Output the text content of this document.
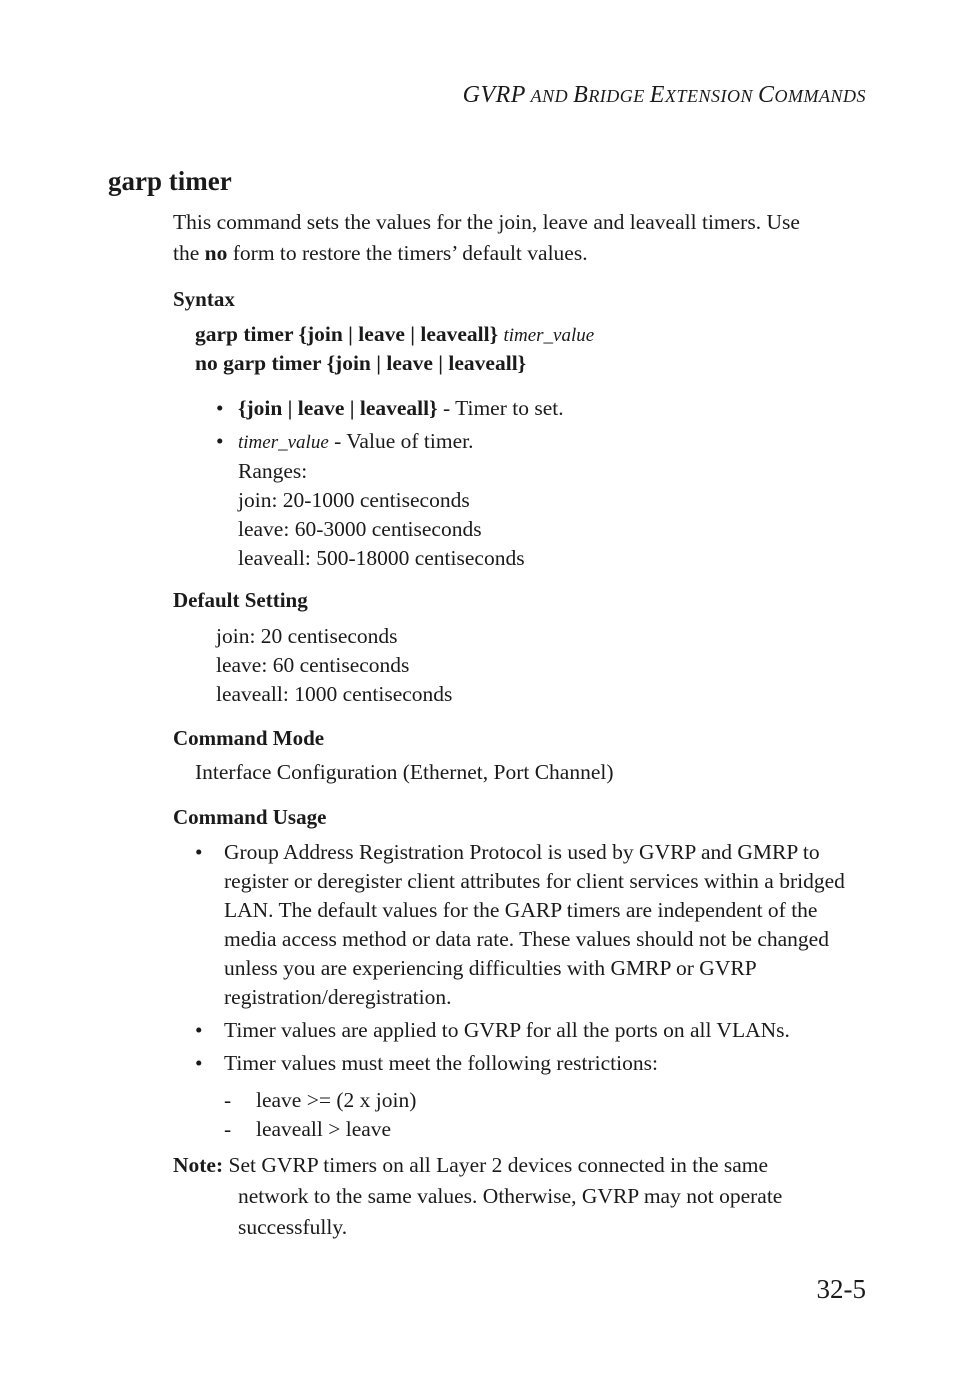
GVRP AND BRIDGE EXTENSION COMMANDS
garp timer
This command sets the values for the join, leave and leaveall timers. Use
the no form to restore the timers’ default values.
Syntax
garp timer {join | leave | leaveall} timer_value
no garp timer {join | leave | leaveall}
• {join | leave | leaveall} - Timer to set.
• timer_value - Value of timer.
Ranges:
join: 20-1000 centiseconds
leave: 60-3000 centiseconds
leaveall: 500-18000 centiseconds
Default Setting
join: 20 centiseconds
leave: 60 centiseconds
leaveall: 1000 centiseconds
Command Mode
Interface Configuration (Ethernet, Port Channel)
Command Usage
• Group Address Registration Protocol is used by GVRP and GMRP to register or deregister client attributes for client services within a bridged LAN. The default values for the GARP timers are independent of the media access method or data rate. These values should not be changed unless you are experiencing difficulties with GMRP or GVRP registration/deregistration.
• Timer values are applied to GVRP for all the ports on all VLANs.
• Timer values must meet the following restrictions:
-	leave >= (2 x join)
-	leaveall > leave
Note: Set GVRP timers on all Layer 2 devices connected in the same
network to the same values. Otherwise, GVRP may not operate
successfully.
32-5
